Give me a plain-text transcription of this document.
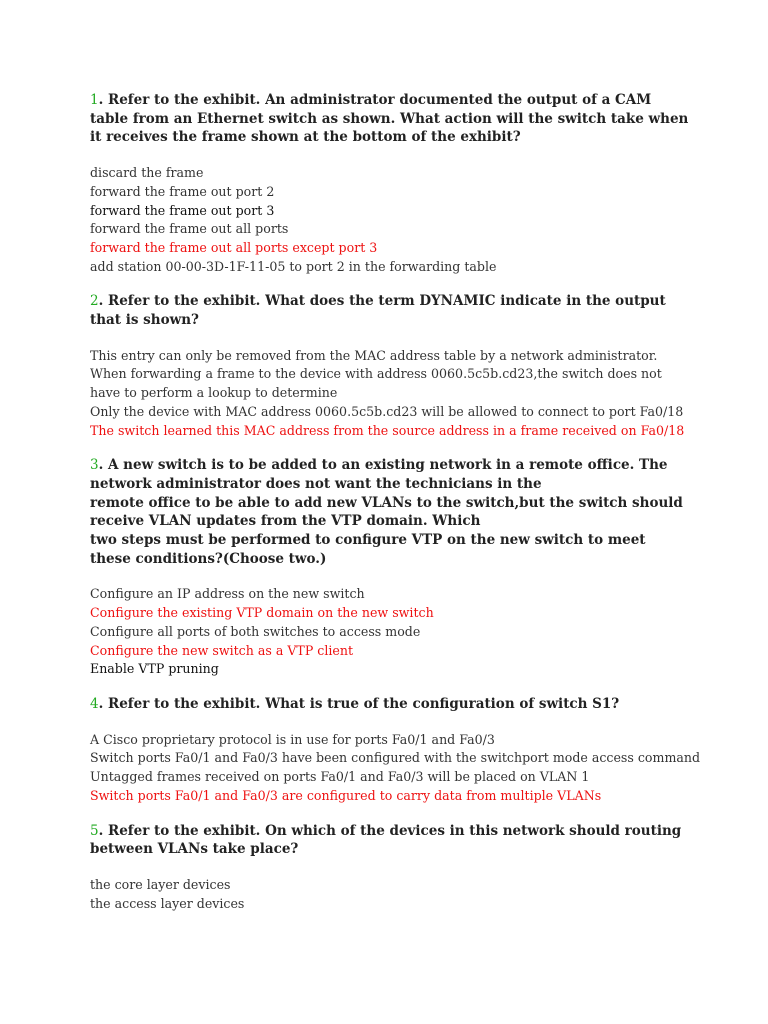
1. Refer to the exhibit. An administrator documented the output of a CAM table from an Ethernet switch as shown. What action will the switch take when it receives the frame shown at the bottom of the exhibit?

discard the frame
forward the frame out port 2
forward the frame out port 3
forward the frame out all ports
forward the frame out all ports except port 3
add station 00-00-3D-1F-11-05 to port 2 in the forwarding table

2. Refer to the exhibit. What does the term DYNAMIC indicate in the output that is shown?

This entry can only be removed from the MAC address table by a network administrator.
When forwarding a frame to the device with address 0060.5c5b.cd23,the switch does not have to perform a lookup to determine
Only the device with MAC address 0060.5c5b.cd23 will be allowed to connect to port Fa0/18
The switch learned this MAC address from the source address in a frame received on Fa0/18

3. A new switch is to be added to an existing network in a remote office. The network administrator does not want the technicians in the
remote office to be able to add new VLANs to the switch,but the switch should receive VLAN updates from the VTP domain. Which
two steps must be performed to configure VTP on the new switch to meet these conditions?(Choose two.)

Configure an IP address on the new switch
Configure the existing VTP domain on the new switch
Configure all ports of both switches to access mode
Configure the new switch as a VTP client
Enable VTP pruning

4. Refer to the exhibit. What is true of the configuration of switch S1?

A Cisco proprietary protocol is in use for ports Fa0/1 and Fa0/3
Switch ports Fa0/1 and Fa0/3 have been configured with the switchport mode access command
Untagged frames received on ports Fa0/1 and Fa0/3 will be placed on VLAN 1
Switch ports Fa0/1 and Fa0/3 are configured to carry data from multiple VLANs

5. Refer to the exhibit. On which of the devices in this network should routing between VLANs take place?

the core layer devices
the access layer devices
